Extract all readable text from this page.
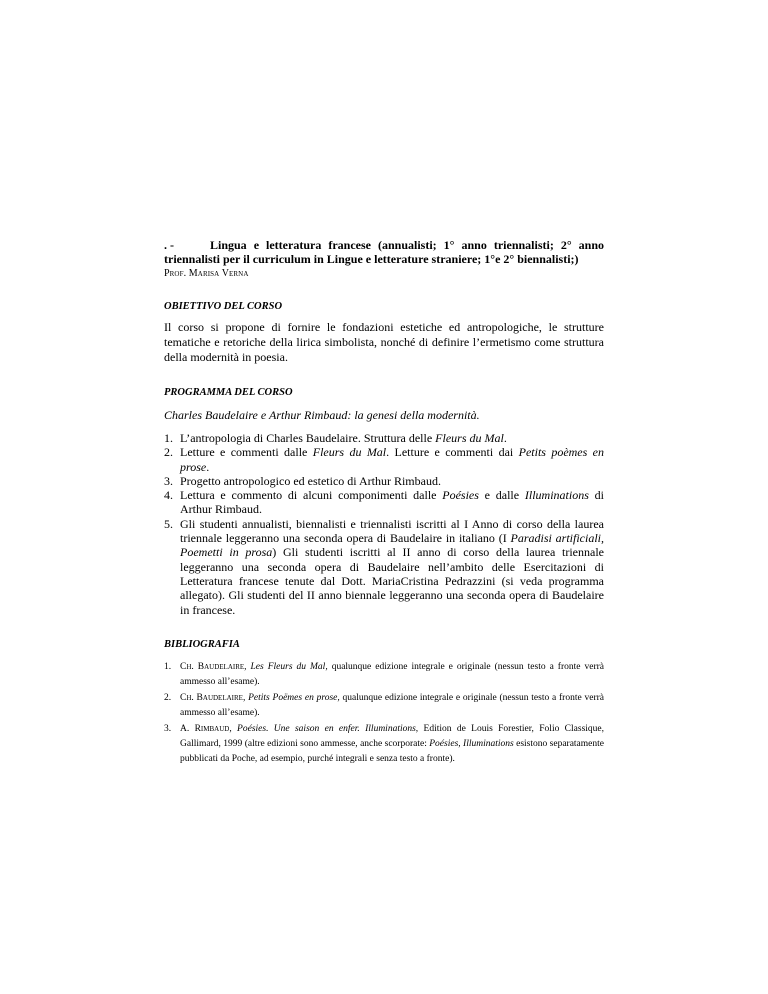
. -	Lingua e letteratura francese (annualisti; 1° anno triennalisti; 2° anno triennalisti per il curriculum in Lingue e letterature straniere; 1°e 2° biennalisti;)
Prof. Marisa Verna
OBIETTIVO DEL CORSO
Il corso si propone di fornire le fondazioni estetiche ed antropologiche, le strutture tematiche e retoriche della lirica simbolista, nonché di definire l’ermetismo come struttura della modernità in poesia.
PROGRAMMA DEL CORSO
Charles Baudelaire e Arthur Rimbaud: la genesi della modernità.
1. L’antropologia di Charles Baudelaire. Struttura delle Fleurs du Mal.
2. Letture e commenti dalle Fleurs du Mal. Letture e commenti dai Petits poèmes en prose.
3. Progetto antropologico ed estetico di Arthur Rimbaud.
4. Lettura e commento di alcuni componimenti dalle Poésies e dalle Illuminations di Arthur Rimbaud.
5. Gli studenti annualisti, biennalisti e triennalisti iscritti al I Anno di corso della laurea triennale leggeranno una seconda opera di Baudelaire in italiano (I Paradisi artificiali, Poemetti in prosa) Gli studenti iscritti al II anno di corso della laurea triennale leggeranno una seconda opera di Baudelaire nell’ambito delle Esercitazioni di Letteratura francese tenute dal Dott. MariaCristina Pedrazzini (si veda programma allegato). Gli studenti del II anno biennale leggeranno una seconda opera di Baudelaire in francese.
BIBLIOGRAFIA
1. Ch. Baudelaire, Les Fleurs du Mal, qualunque edizione integrale e originale (nessun testo a fronte verrà ammesso all’esame).
2. Ch. Baudelaire, Petits Poëmes en prose, qualunque edizione integrale e originale (nessun testo a fronte verrà ammesso all’esame).
3. A. Rimbaud, Poésies. Une saison en enfer. Illuminations, Edition de Louis Forestier, Folio Classique, Gallimard, 1999 (altre edizioni sono ammesse, anche scorporate: Poésies, Illuminations esistono separatamente pubblicati da Poche, ad esempio, purché integrali e senza testo a fronte).
